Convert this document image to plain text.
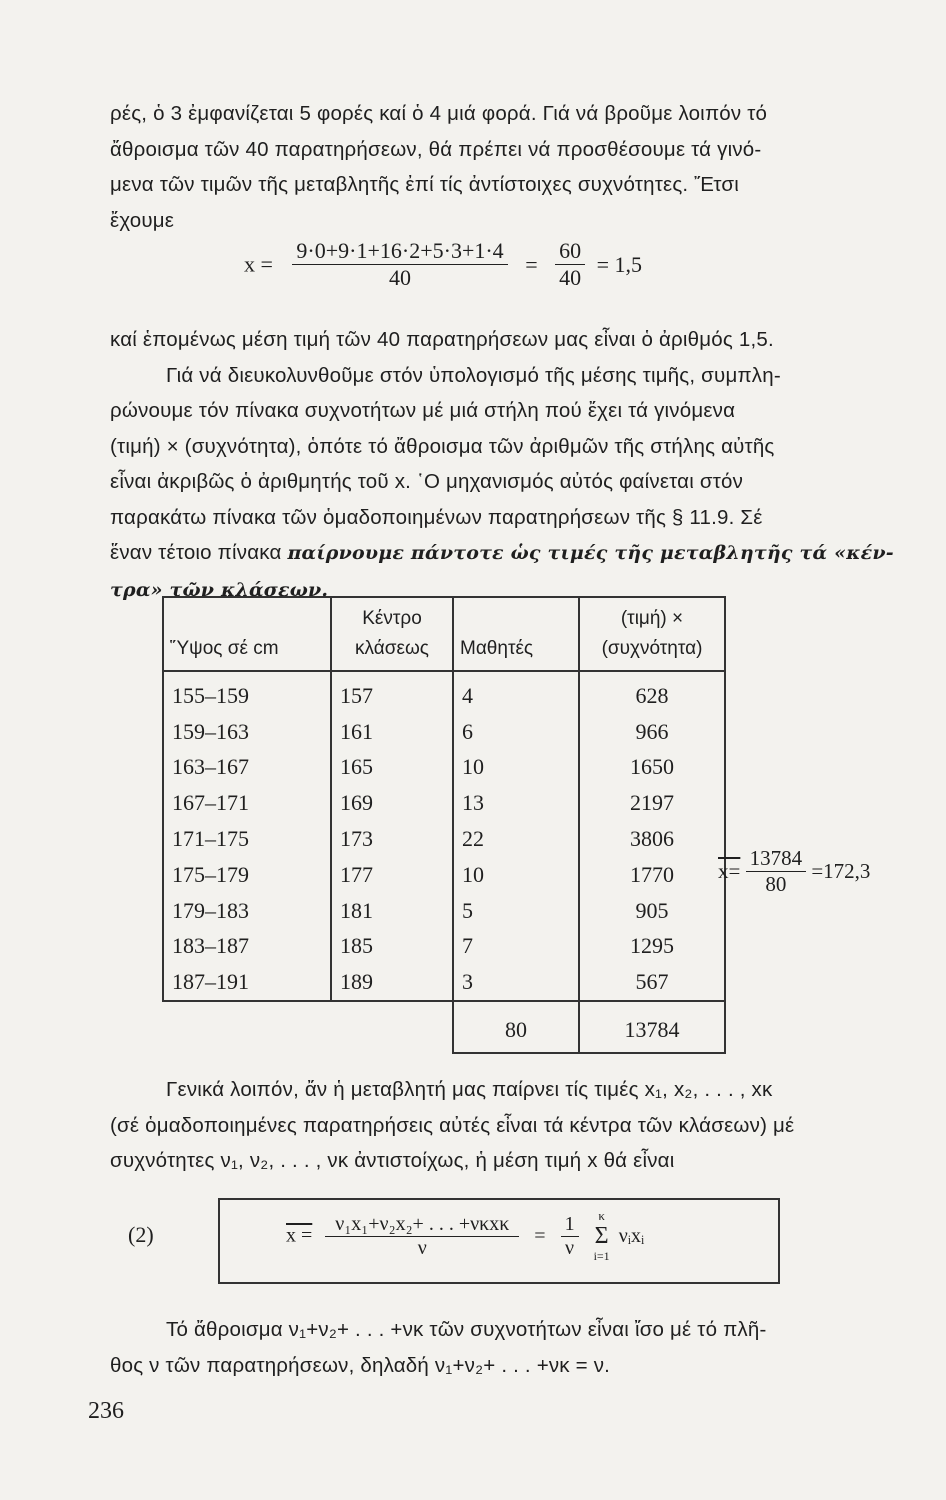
ρές, ὁ 3 ἐμφανίζεται 5 φορές καί ὁ 4 μιά φορά. Γιά νά βροῦμε λοιπόν τό
ἄθροισμα τῶν 40 παρατηρήσεων, θά πρέπει νά προσθέσουμε τά γινό-
μενα τῶν τιμῶν τῆς μεταβλητῆς ἐπί τίς ἀντίστοιχες συχνότητες. Ἔτσι
ἔχουμε
$x = \frac{9\cdot 0+9\cdot 1+16\cdot 2+5\cdot 3+1\cdot 4}{40} = \frac{60}{40} = 1,5$
καί ἑπομένως μέση τιμή τῶν 40 παρατηρήσεων μας εἶναι ὁ ἀριθμός 1,5.
Γιά νά διευκολυνθοῦμε στόν ὑπολογισμό τῆς μέσης τιμῆς, συμπλη-
ρώνουμε τόν πίνακα συχνοτήτων μέ μιά στήλη πού ἔχει τά γινόμενα
(τιμή) × (συχνότητα), ὁπότε τό ἄθροισμα τῶν ἀριθμῶν τῆς στήλης αὐτῆς
εἶναι ἀκριβῶς ὁ ἀριθμητής τοῦ x. ῾Ο μηχανισμός αὐτός φαίνεται στόν
παρακάτω πίνακα τῶν ὁμαδοποιημένων παρατηρήσεων τῆς § 11.9. Σέ
ἕναν τέτοιο πίνακα παίρνουμε πάντοτε ὡς τιμές τῆς μεταβλητῆς τά «κέν-
τρα» τῶν κλάσεων.
Ὕψος σέ cm	Κέντρο κλάσεως	Μαθητές	(τιμή) × (συχνότητα)
155–159	157	4	628
159–163	161	6	966
163–167	165	10	1650
167–171	169	13	2197
171–175	173	22	3806
175–179	177	10	1770
179–183	181	5	905
183–187	185	7	1295
187–191	189	3	567
		80	13784
$x= \frac{13784}{80} =172,3$
Γενικά λοιπόν, ἄν ἡ μεταβλητή μας παίρνει τίς τιμές x₁, x₂, . . . , xκ
(σέ ὁμαδοποιημένες παρατηρήσεις αὐτές εἶναι τά κέντρα τῶν κλάσεων) μέ
συχνότητες ν₁, ν₂, . . . , νκ ἀντιστοίχως, ἡ μέση τιμή x θά εἶναι
(2)	$x = \frac{\text{ν₁x₁+ν₂x₂+ . . . +νκxκ}}{\nu} = \frac{1}{\nu}$
	κ
Σ
i=1
νᵢxᵢ
Τό ἄθροισμα ν₁+ν₂+ . . . +νκ τῶν συχνοτήτων εἶναι ἴσο μέ τό πλῆ-
θος ν τῶν παρατηρήσεων, δηλαδή ν₁+ν₂+ . . . +νκ = ν.
236
